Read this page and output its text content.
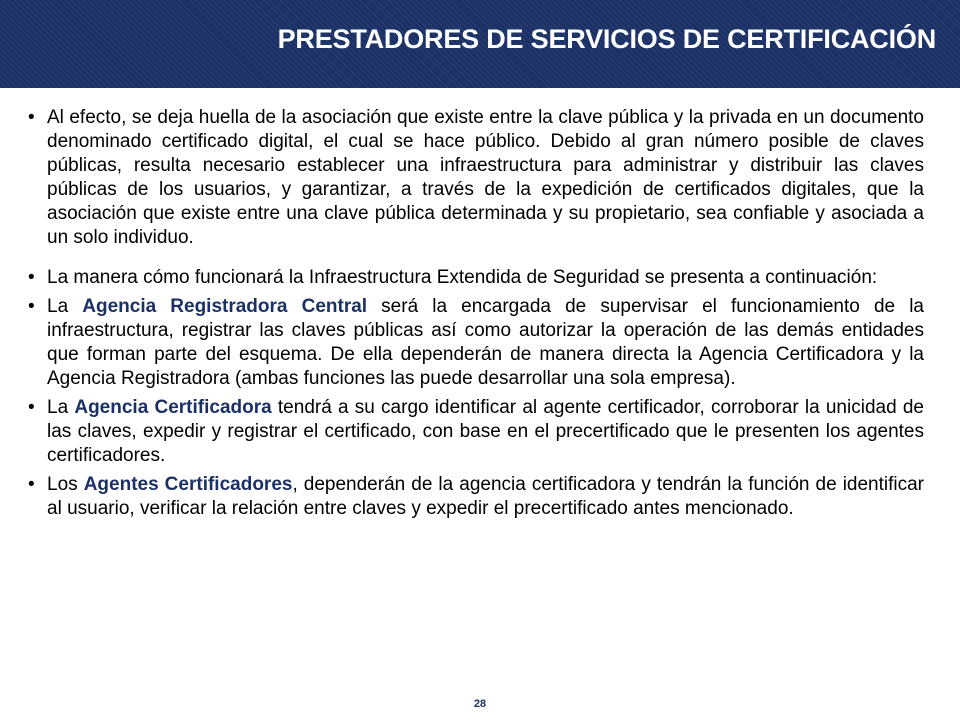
PRESTADORES DE SERVICIOS DE CERTIFICACIÓN
• Al efecto, se deja huella de la asociación que existe entre la clave pública y la privada en un documento denominado certificado digital, el cual se hace público. Debido al gran número posible de claves públicas, resulta necesario establecer una infraestructura para administrar y distribuir las claves públicas de los usuarios, y garantizar, a través de la expedición de certificados digitales, que la asociación que existe entre una clave pública determinada y su propietario, sea confiable y asociada a un solo individuo.
• La manera cómo funcionará la Infraestructura Extendida de Seguridad se presenta a continuación:
• La Agencia Registradora Central será la encargada de supervisar el funcionamiento de la infraestructura, registrar las claves públicas así como autorizar la operación de las demás entidades que forman parte del esquema. De ella dependerán de manera directa la Agencia Certificadora y la Agencia Registradora (ambas funciones las puede desarrollar una sola empresa).
• La Agencia Certificadora tendrá a su cargo identificar al agente certificador, corroborar la unicidad de las claves, expedir y registrar el certificado, con base en el precertificado que le presenten los agentes certificadores.
• Los Agentes Certificadores, dependerán de la agencia certificadora y tendrán la función de identificar al usuario, verificar la relación entre claves y expedir el precertificado antes mencionado.
28
